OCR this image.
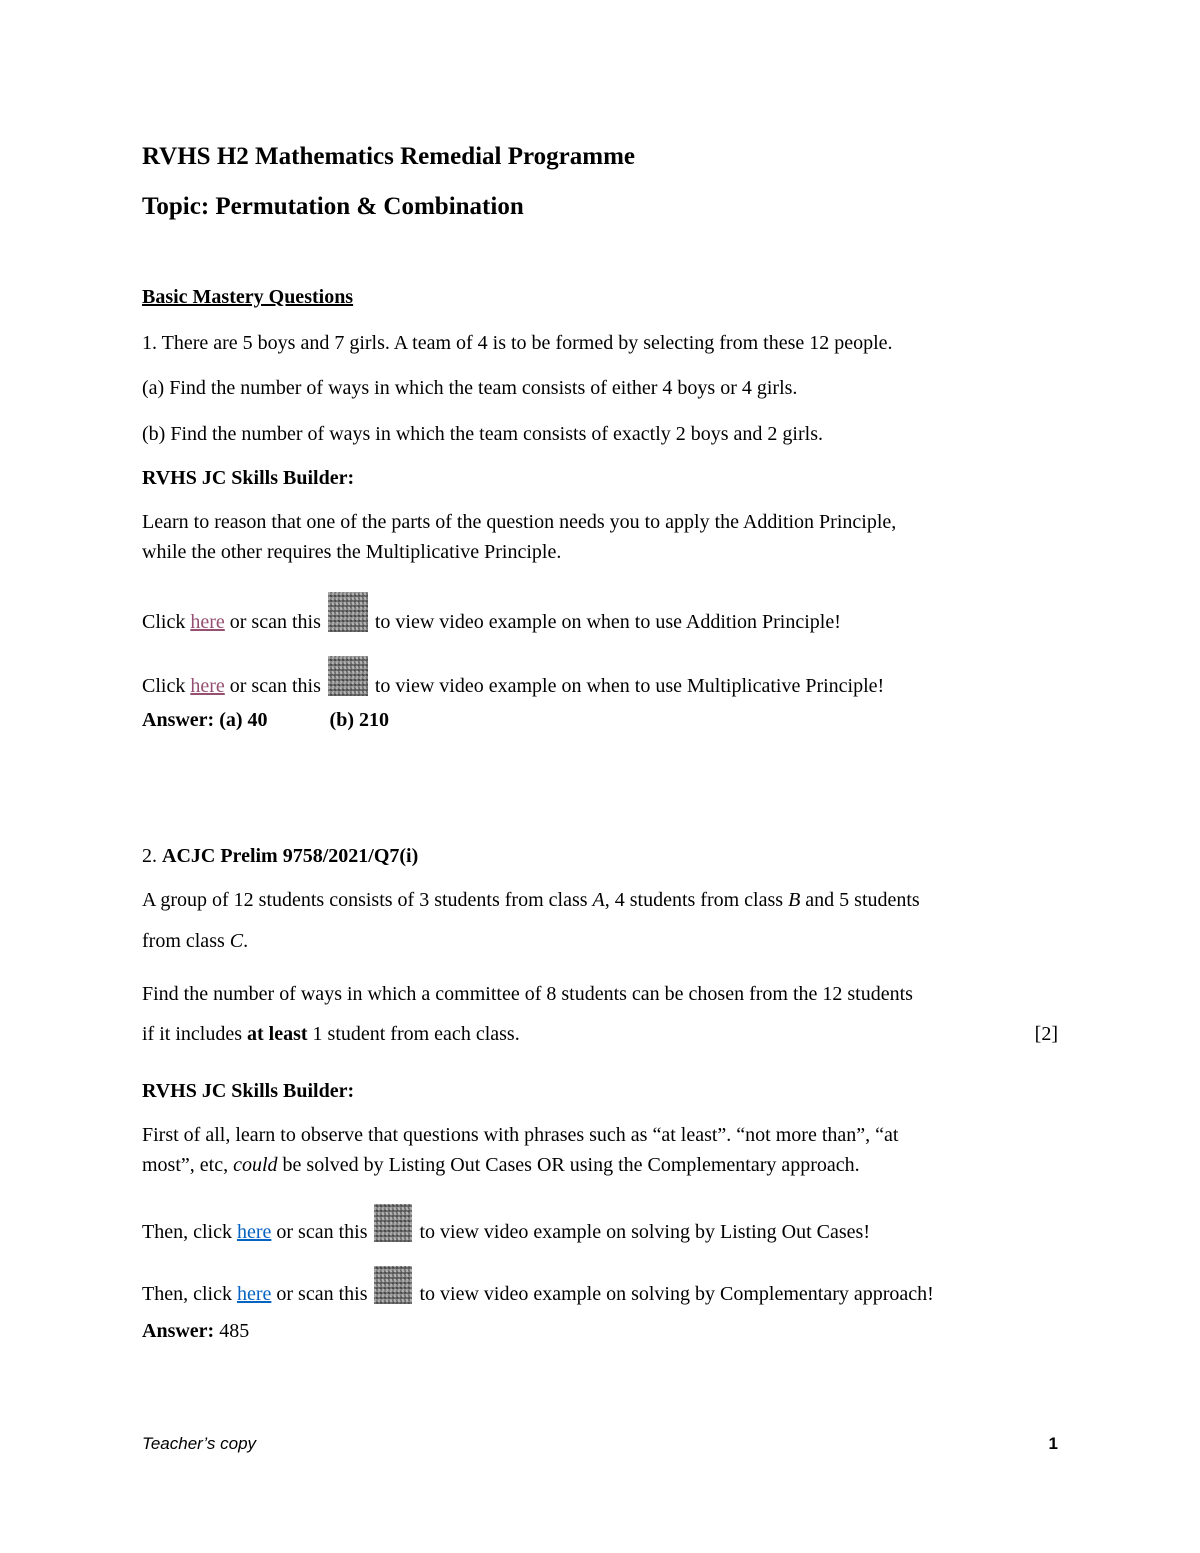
RVHS H2 Mathematics Remedial Programme
Topic: Permutation & Combination
Basic Mastery Questions
1. There are 5 boys and 7 girls. A team of 4 is to be formed by selecting from these 12 people.
(a) Find the number of ways in which the team consists of either 4 boys or 4 girls.
(b) Find the number of ways in which the team consists of exactly 2 boys and 2 girls.
RVHS JC Skills Builder:
Learn to reason that one of the parts of the question needs you to apply the Addition Principle,
while the other requires the Multiplicative Principle.
Click here or scan this  to view video example on when to use Addition Principle!
Click here or scan this  to view video example on when to use Multiplicative Principle!
Answer: (a) 40	(b) 210
2. ACJC Prelim 9758/2021/Q7(i)
A group of 12 students consists of 3 students from class A, 4 students from class B and 5 students
from class C.
Find the number of ways in which a committee of 8 students can be chosen from the 12 students
if it includes at least 1 student from each class.	[2]
RVHS JC Skills Builder:
First of all, learn to observe that questions with phrases such as “at least”. “not more than”, “at
most”, etc, could be solved by Listing Out Cases OR using the Complementary approach.
Then, click here or scan this  to view video example on solving by Listing Out Cases!
Then, click here or scan this  to view video example on solving by Complementary approach!
Answer: 485
Teacher’s copy	1
